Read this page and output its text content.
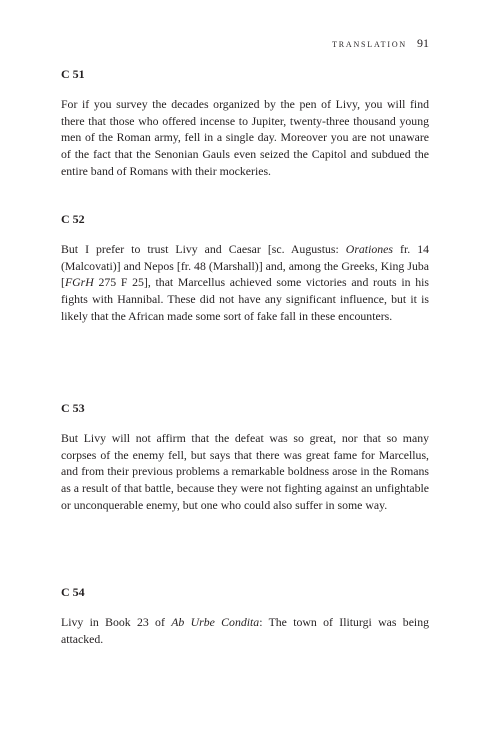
translation 91

C 51

For if you survey the decades organized by the pen of Livy, you will find there that those who offered incense to Jupiter, twenty-three thousand young men of the Roman army, fell in a single day. Moreover you are not unaware of the fact that the Senonian Gauls even seized the Capitol and subdued the entire band of Romans with their mockeries.

C 52

But I prefer to trust Livy and Caesar [sc. Augustus: Orationes fr. 14 (Malcovati)] and Nepos [fr. 48 (Marshall)] and, among the Greeks, King Juba [FGrH 275 F 25], that Marcellus achieved some victories and routs in his fights with Hannibal. These did not have any significant influence, but it is likely that the African made some sort of fake fall in these encounters.

C 53

But Livy will not affirm that the defeat was so great, nor that so many corpses of the enemy fell, but says that there was great fame for Marcellus, and from their previous problems a remarkable boldness arose in the Romans as a result of that battle, because they were not fighting against an unfightable or unconquerable enemy, but one who could also suffer in some way.

C 54

Livy in Book 23 of Ab Urbe Condita: The town of Iliturgi was being attacked.
